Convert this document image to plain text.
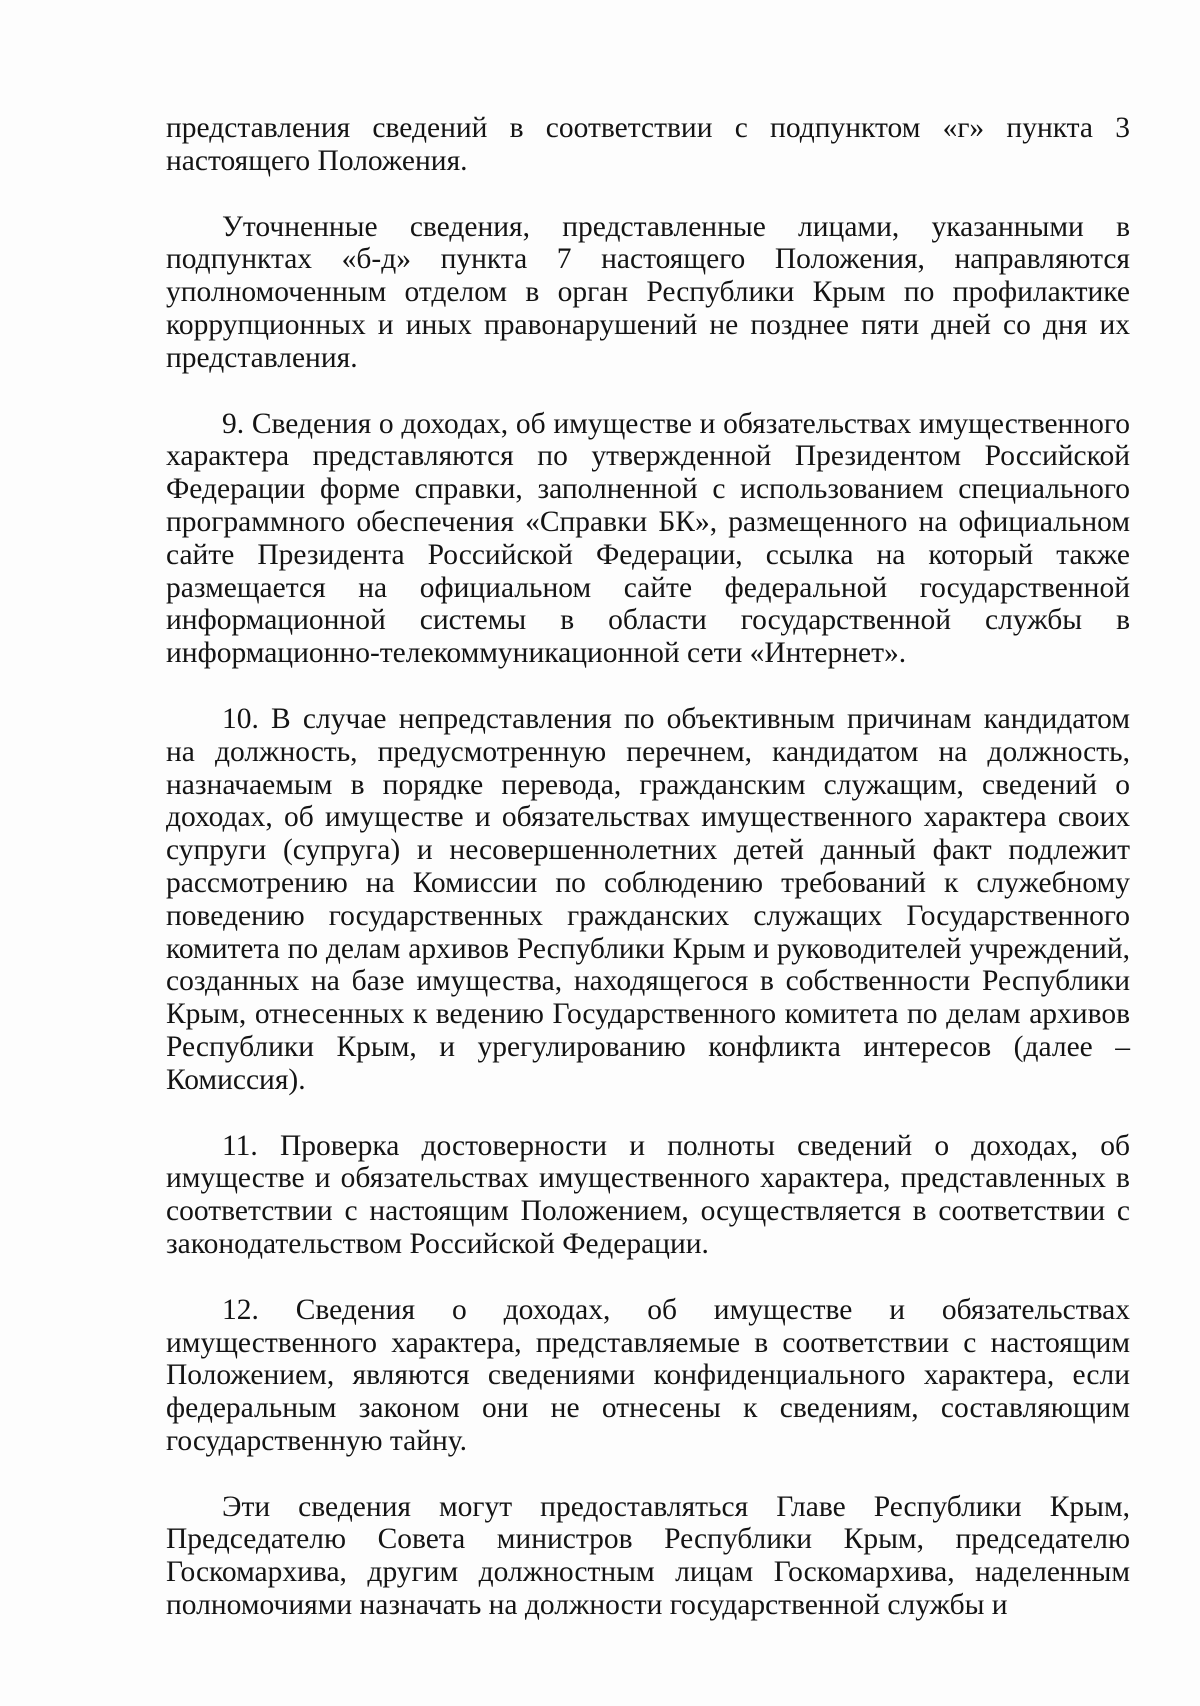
представления сведений в соответствии с подпунктом «г» пункта 3 настоящего Положения.

Уточненные сведения, представленные лицами, указанными в подпунктах «б-д» пункта 7 настоящего Положения, направляются уполномоченным отделом в орган Республики Крым по профилактике коррупционных и иных правонарушений не позднее пяти дней со дня их представления.

9. Сведения о доходах, об имуществе и обязательствах имущественного характера представляются по утвержденной Президентом Российской Федерации форме справки, заполненной с использованием специального программного обеспечения «Справки БК», размещенного на официальном сайте Президента Российской Федерации, ссылка на который также размещается на официальном сайте федеральной государственной информационной системы в области государственной службы в информационно-телекоммуникационной сети «Интернет».

10. В случае непредставления по объективным причинам кандидатом на должность, предусмотренную перечнем, кандидатом на должность, назначаемым в порядке перевода, гражданским служащим, сведений о доходах, об имуществе и обязательствах имущественного характера своих супруги (супруга) и несовершеннолетних детей данный факт подлежит рассмотрению на Комиссии по соблюдению требований к служебному поведению государственных гражданских служащих Государственного комитета по делам архивов Республики Крым и руководителей учреждений, созданных на базе имущества, находящегося в собственности Республики Крым, отнесенных к ведению Государственного комитета по делам архивов Республики Крым, и урегулированию конфликта интересов (далее – Комиссия).

11. Проверка достоверности и полноты сведений о доходах, об имуществе и обязательствах имущественного характера, представленных в соответствии с настоящим Положением, осуществляется в соответствии с законодательством Российской Федерации.

12. Сведения о доходах, об имуществе и обязательствах имущественного характера, представляемые в соответствии с настоящим Положением, являются сведениями конфиденциального характера, если федеральным законом они не отнесены к сведениям, составляющим государственную тайну.

Эти сведения могут предоставляться Главе Республики Крым, Председателю Совета министров Республики Крым, председателю Госкомархива, другим должностным лицам Госкомархива, наделенным полномочиями назначать на должности государственной службы и
